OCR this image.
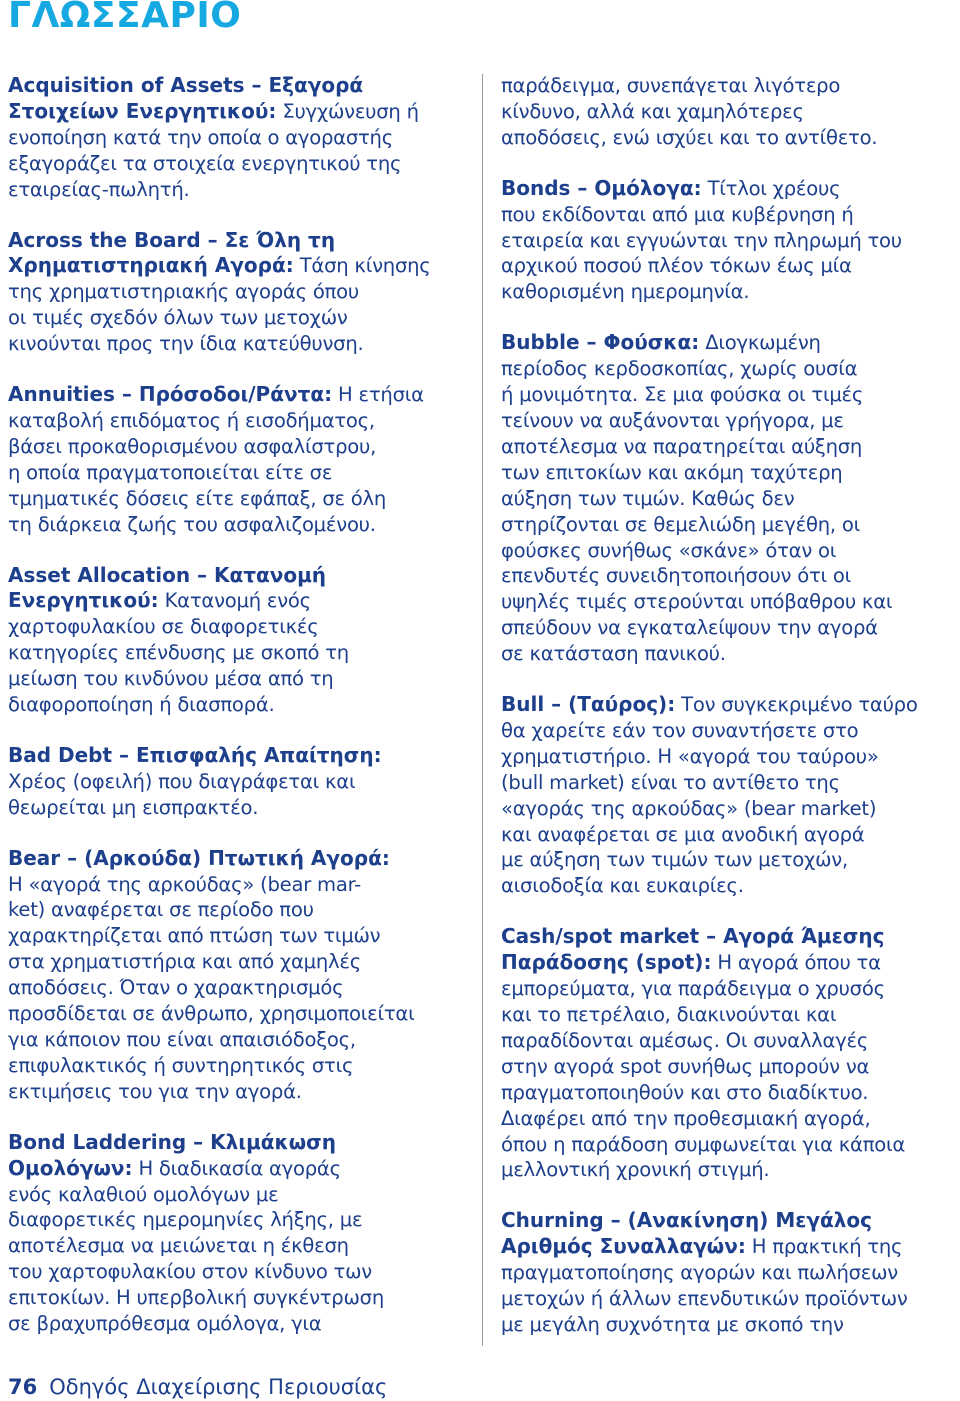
ΓΛΩΣΣΑΡΙΟ

Acquisition of Assets – Εξαγορά
Στοιχείων Ενεργητικού: Συγχώνευση ή
ενοποίηση κατά την οποία ο αγοραστής
εξαγοράζει τα στοιχεία ενεργητικού της
εταιρείας-πωλητή.

Across the Board – Σε Όλη τη
Χρηματιστηριακή Αγορά: Τάση κίνησης
της χρηματιστηριακής αγοράς όπου
οι τιμές σχεδόν όλων των μετοχών
κινούνται προς την ίδια κατεύθυνση.

Annuities – Πρόσοδοι/Ράντα: Η ετήσια
καταβολή επιδόματος ή εισοδήματος,
βάσει προκαθορισμένου ασφαλίστρου,
η οποία πραγματοποιείται είτε σε
τμηματικές δόσεις είτε εφάπαξ, σε όλη
τη διάρκεια ζωής του ασφαλιζομένου.

Asset Allocation – Κατανομή
Ενεργητικού: Κατανομή ενός
χαρτοφυλακίου σε διαφορετικές
κατηγορίες επένδυσης με σκοπό τη
μείωση του κινδύνου μέσα από τη
διαφοροποίηση ή διασπορά.

Bad Debt – Επισφαλής Απαίτηση:
Χρέος (οφειλή) που διαγράφεται και
θεωρείται μη εισπρακτέο.

Bear – (Αρκούδα) Πτωτική Αγορά:
Η «αγορά της αρκούδας» (bear mar-
ket) αναφέρεται σε περίοδο που
χαρακτηρίζεται από πτώση των τιμών
στα χρηματιστήρια και από χαμηλές
αποδόσεις. Όταν ο χαρακτηρισμός
προσδίδεται σε άνθρωπο, χρησιμοποιείται
για κάποιον που είναι απαισιόδοξος,
επιφυλακτικός ή συντηρητικός στις
εκτιμήσεις του για την αγορά.

Bond Laddering – Κλιμάκωση
Ομολόγων: Η διαδικασία αγοράς
ενός καλαθιού ομολόγων με
διαφορετικές ημερομηνίες λήξης, με
αποτέλεσμα να μειώνεται η έκθεση
του χαρτοφυλακίου στον κίνδυνο των
επιτοκίων. Η υπερβολική συγκέντρωση
σε βραχυπρόθεσμα ομόλογα, για

παράδειγμα, συνεπάγεται λιγότερο
κίνδυνο, αλλά και χαμηλότερες
αποδόσεις, ενώ ισχύει και το αντίθετο.

Bonds – Ομόλογα: Τίτλοι χρέους
που εκδίδονται από μια κυβέρνηση ή
εταιρεία και εγγυώνται την πληρωμή του
αρχικού ποσού πλέον τόκων έως μία
καθορισμένη ημερομηνία.

Bubble – Φούσκα: Διογκωμένη
περίοδος κερδοσκοπίας, χωρίς ουσία
ή μονιμότητα. Σε μια φούσκα οι τιμές
τείνουν να αυξάνονται γρήγορα, με
αποτέλεσμα να παρατηρείται αύξηση
των επιτοκίων και ακόμη ταχύτερη
αύξηση των τιμών. Καθώς δεν
στηρίζονται σε θεμελιώδη μεγέθη, οι
φούσκες συνήθως «σκάνε» όταν οι
επενδυτές συνειδητοποιήσουν ότι οι
υψηλές τιμές στερούνται υπόβαθρου και
σπεύδουν να εγκαταλείψουν την αγορά
σε κατάσταση πανικού.

Bull – (Ταύρος): Τον συγκεκριμένο ταύρο
θα χαρείτε εάν τον συναντήσετε στο
χρηματιστήριο. Η «αγορά του ταύρου»
(bull market) είναι το αντίθετο της
«αγοράς της αρκούδας» (bear market)
και αναφέρεται σε μια ανοδική αγορά
με αύξηση των τιμών των μετοχών,
αισιοδοξία και ευκαιρίες.

Cash/spot market – Αγορά Άμεσης
Παράδοσης (spot): Η αγορά όπου τα
εμπορεύματα, για παράδειγμα ο χρυσός
και το πετρέλαιο, διακινούνται και
παραδίδονται αμέσως. Οι συναλλαγές
στην αγορά spot συνήθως μπορούν να
πραγματοποιηθούν και στο διαδίκτυο.
Διαφέρει από την προθεσμιακή αγορά,
όπου η παράδοση συμφωνείται για κάποια
μελλοντική χρονική στιγμή.

Churning – (Ανακίνηση) Μεγάλος
Αριθμός Συναλλαγών: Η πρακτική της
πραγματοποίησης αγορών και πωλήσεων
μετοχών ή άλλων επενδυτικών προϊόντων
με μεγάλη συχνότητα με σκοπό την

76 Οδηγός Διαχείρισης Περιουσίας
